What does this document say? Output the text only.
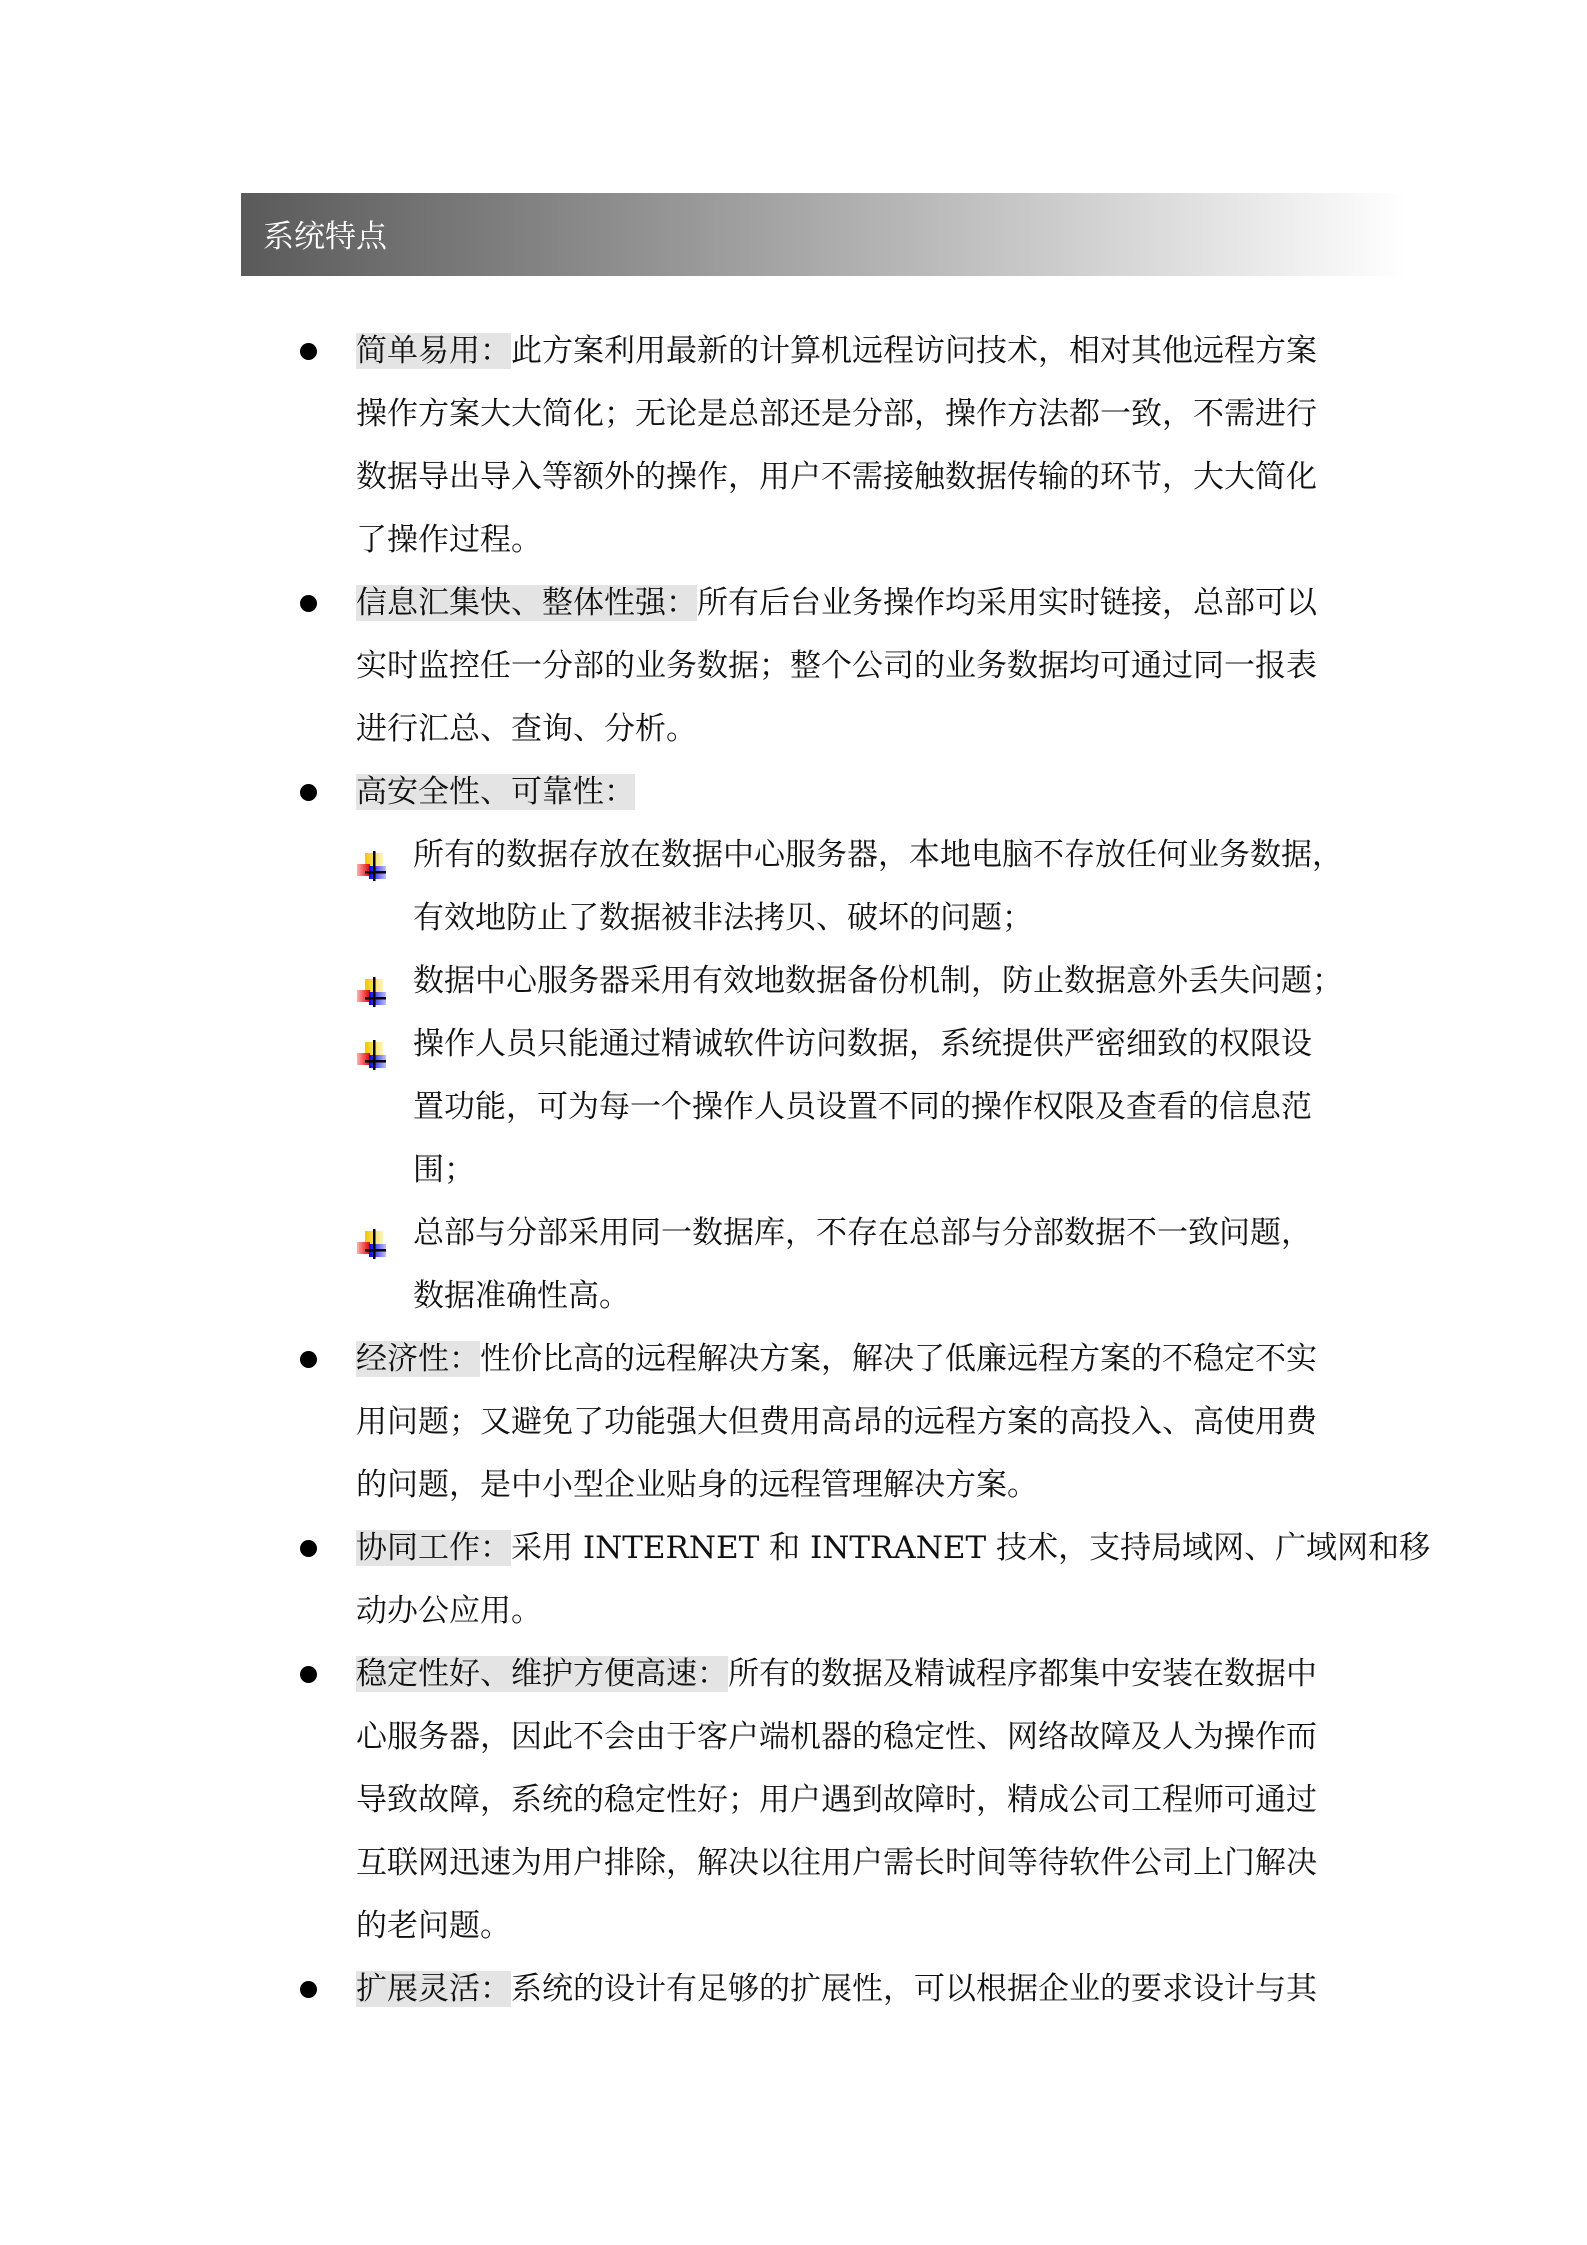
系统特点
简单易用：此方案利用最新的计算机远程访问技术，相对其他远程方案
操作方案大大简化；无论是总部还是分部，操作方法都一致，不需进行
数据导出导入等额外的操作，用户不需接触数据传输的环节，大大简化
了操作过程。
信息汇集快、整体性强：所有后台业务操作均采用实时链接，总部可以
实时监控任一分部的业务数据；整个公司的业务数据均可通过同一报表
进行汇总、查询、分析。
高安全性、可靠性：
所有的数据存放在数据中心服务器，本地电脑不存放任何业务数据，
有效地防止了数据被非法拷贝、破坏的问题；
数据中心服务器采用有效地数据备份机制，防止数据意外丢失问题；
操作人员只能通过精诚软件访问数据，系统提供严密细致的权限设
置功能，可为每一个操作人员设置不同的操作权限及查看的信息范
围；
总部与分部采用同一数据库，不存在总部与分部数据不一致问题，
数据准确性高。
经济性：性价比高的远程解决方案，解决了低廉远程方案的不稳定不实
用问题；又避免了功能强大但费用高昂的远程方案的高投入、高使用费
的问题，是中小型企业贴身的远程管理解决方案。
协同工作：采用 INTERNET 和 INTRANET 技术，支持局域网、广域网和移
动办公应用。
稳定性好、维护方便高速：所有的数据及精诚程序都集中安装在数据中
心服务器，因此不会由于客户端机器的稳定性、网络故障及人为操作而
导致故障，系统的稳定性好；用户遇到故障时，精成公司工程师可通过
互联网迅速为用户排除，解决以往用户需长时间等待软件公司上门解决
的老问题。
扩展灵活：系统的设计有足够的扩展性，可以根据企业的要求设计与其
